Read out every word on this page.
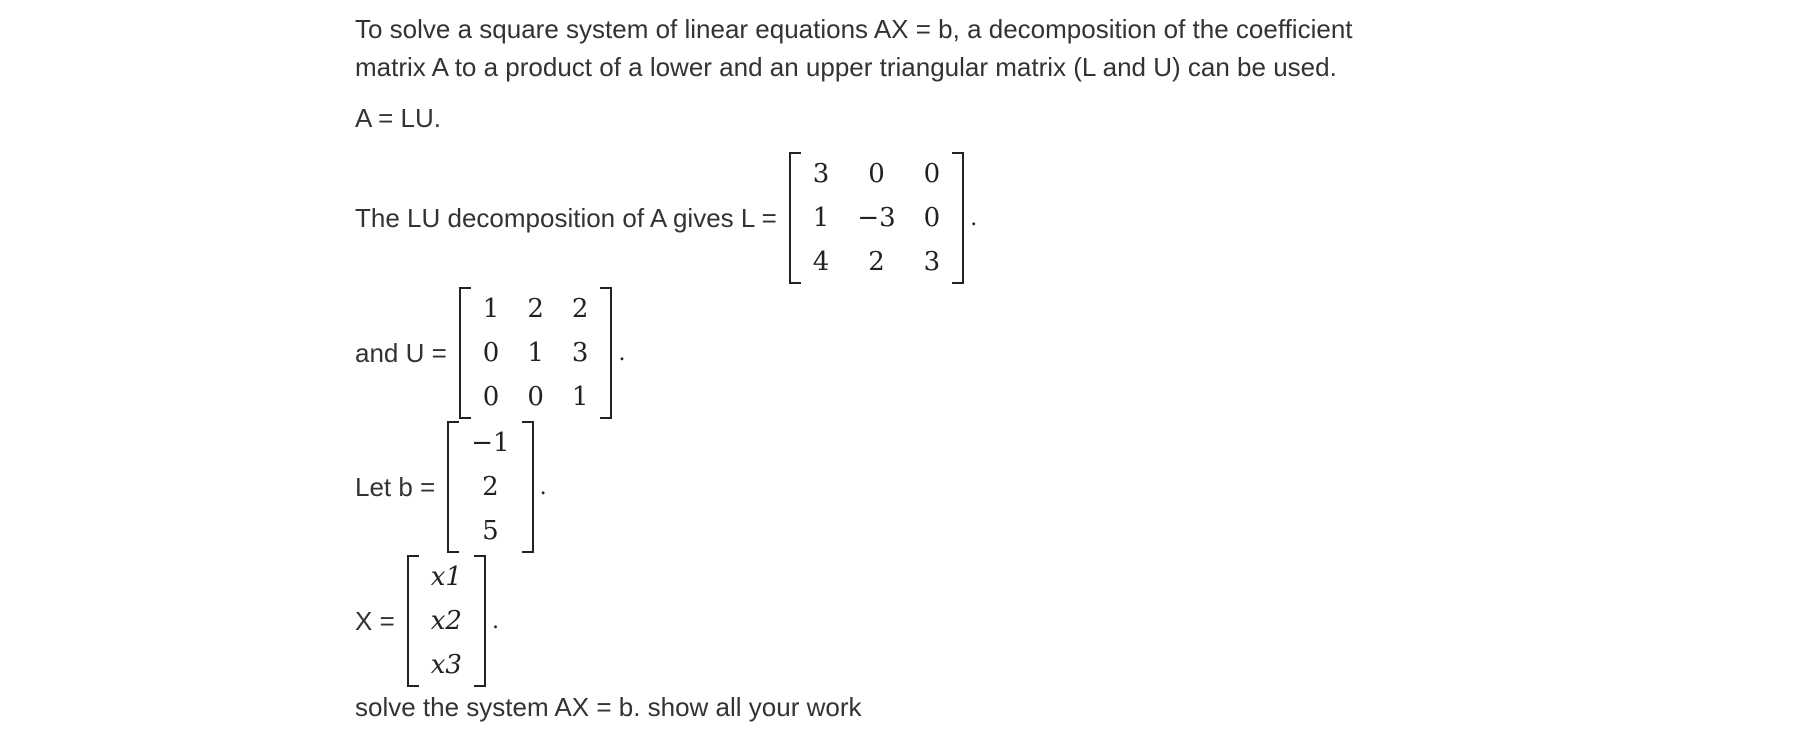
To solve a square system of linear equations AX = b, a decomposition of the coefficient
matrix A to a product of a lower and an upper triangular matrix (L and U) can be used.
A = LU.
The LU decomposition of A gives L =
3	0	0
1	−3	0
4	2	3
.
and U =
1	2	2
0	1	3
0	0	1
.
Let b =
−1
2
5
.
X =
x1
x2
x3
.
solve the system AX = b. show all your work
